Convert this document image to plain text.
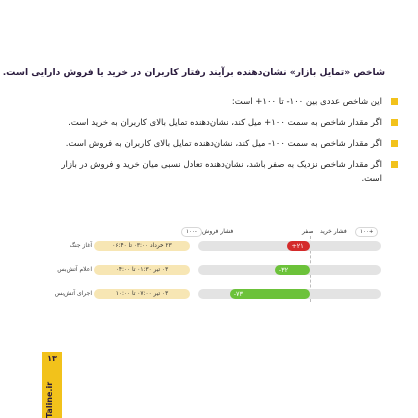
شاخص «تمایل بازار» نشان‌دهنده برآیند رفتار کاربران در خرید یا فروش دارایی است.
این شاخص عددی بین ۱۰۰- تا ۱۰۰+ است:
اگر مقدار شاخص به سمت ۱۰۰+ میل کند، نشان‌دهنده تمایل بالای کاربران به خرید است.
اگر مقدار شاخص به سمت ۱۰۰- میل کند، نشان‌دهنده تمایل بالای کاربران به فروش است.
اگر مقدار شاخص نزدیک به صفر باشد، نشان‌دهنده تعادل نسبی میان خرید و فروش در بازار است.
+۱۰۰
فشار خرید
صفر
فشار فروش
-۱۰۰
آغاز جنگ	۲۳ خرداد ۰۳:۰۰ تا ۰۶:۴۰	+۲۱
اعلام آتش‌بس	۰۳ تیر ۰۱:۳۰ تا ۰۴:۰۰	-۳۲
اجرای آتش‌بس	۰۳ تیر ۰۷:۰۰ تا ۱۰:۰۰	-۷۳
۱۳
Taline.ir
